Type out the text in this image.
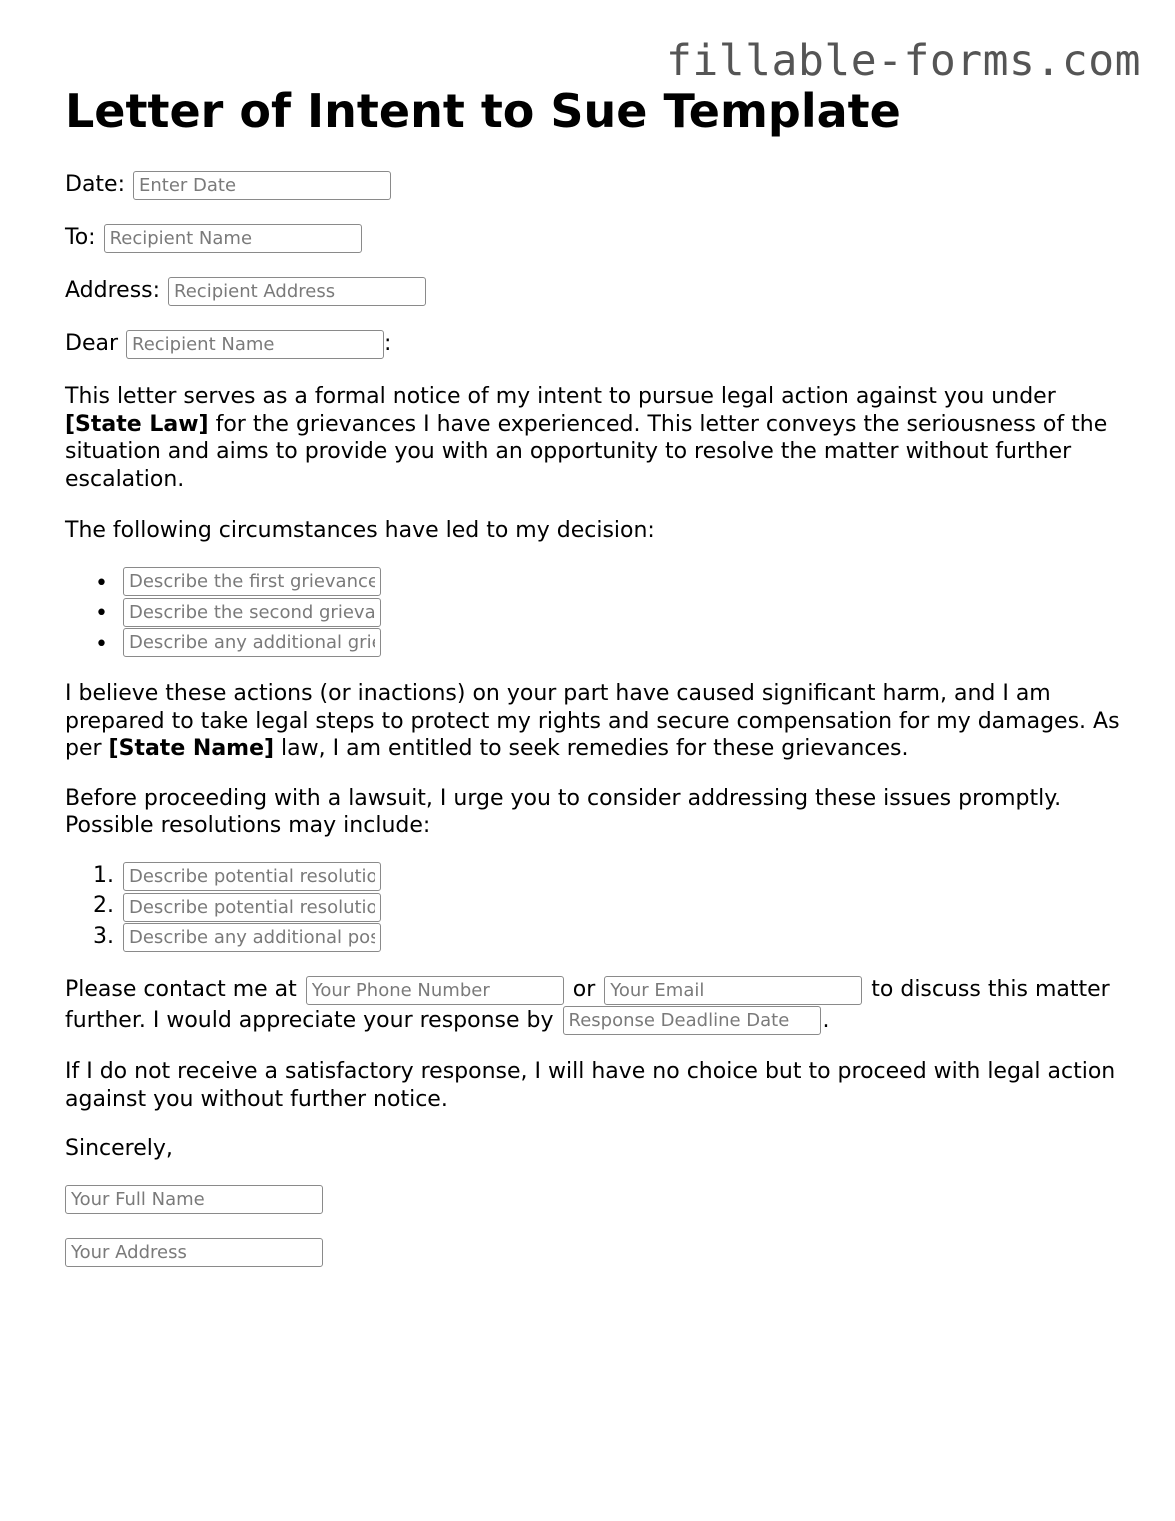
fillable-forms.com
Letter of Intent to Sue Template
Date:
Enter Date
To:
Recipient Name
Address:
Recipient Address
Dear
Recipient Name	:

This letter serves as a formal notice of my intent to pursue legal action against you under [State Law] for the grievances I have experienced. This letter conveys the seriousness of the situation and aims to provide you with an opportunity to resolve the matter without further escalation.

The following circumstances have led to my decision:

•
Describe the first grievance
•
Describe the second grievance
•
Describe any additional grievances

I believe these actions (or inactions) on your part have caused significant harm, and I am prepared to take legal steps to protect my rights and secure compensation for my damages. As per [State Name] law, I am entitled to seek remedies for these grievances.

Before proceeding with a lawsuit, I urge you to consider addressing these issues promptly. Possible resolutions may include:

1.
Describe potential resolution
2.
Describe potential resolution
3.
Describe any additional possible resolutions
Please contact me at Your Phone Number	or Your Email	to discuss this matter further. I would appreciate your response by Response Deadline Date	.

If I do not receive a satisfactory response, I will have no choice but to proceed with legal action against you without further notice.

Sincerely,

Your Full Name
Your Address
